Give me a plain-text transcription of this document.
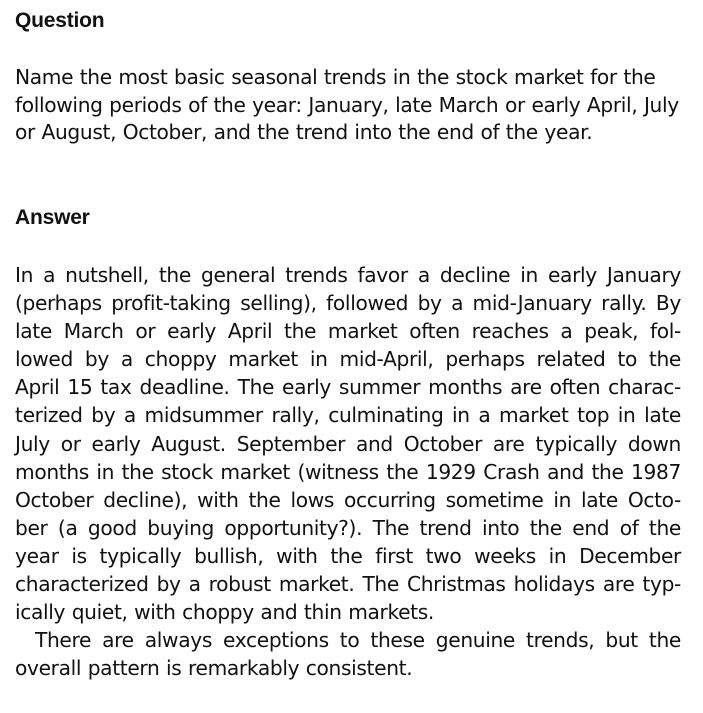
Question

Name the most basic seasonal trends in the stock market for the following periods of the year: January, late March or early April, July or August, October, and the trend into the end of the year.

Answer
In a nutshell, the general trends favor a decline in early January
(perhaps profit-taking selling), followed by a mid-January rally. By
late March or early April the market often reaches a peak, fol-
lowed by a choppy market in mid-April, perhaps related to the
April 15 tax deadline. The early summer months are often charac-
terized by a midsummer rally, culminating in a market top in late
July or early August. September and October are typically down
months in the stock market (witness the 1929 Crash and the 1987
October decline), with the lows occurring sometime in late Octo-
ber (a good buying opportunity?). The trend into the end of the
year is typically bullish, with the first two weeks in December
characterized by a robust market. The Christmas holidays are typ-
ically quiet, with choppy and thin markets.
There are always exceptions to these genuine trends, but the
overall pattern is remarkably consistent.
